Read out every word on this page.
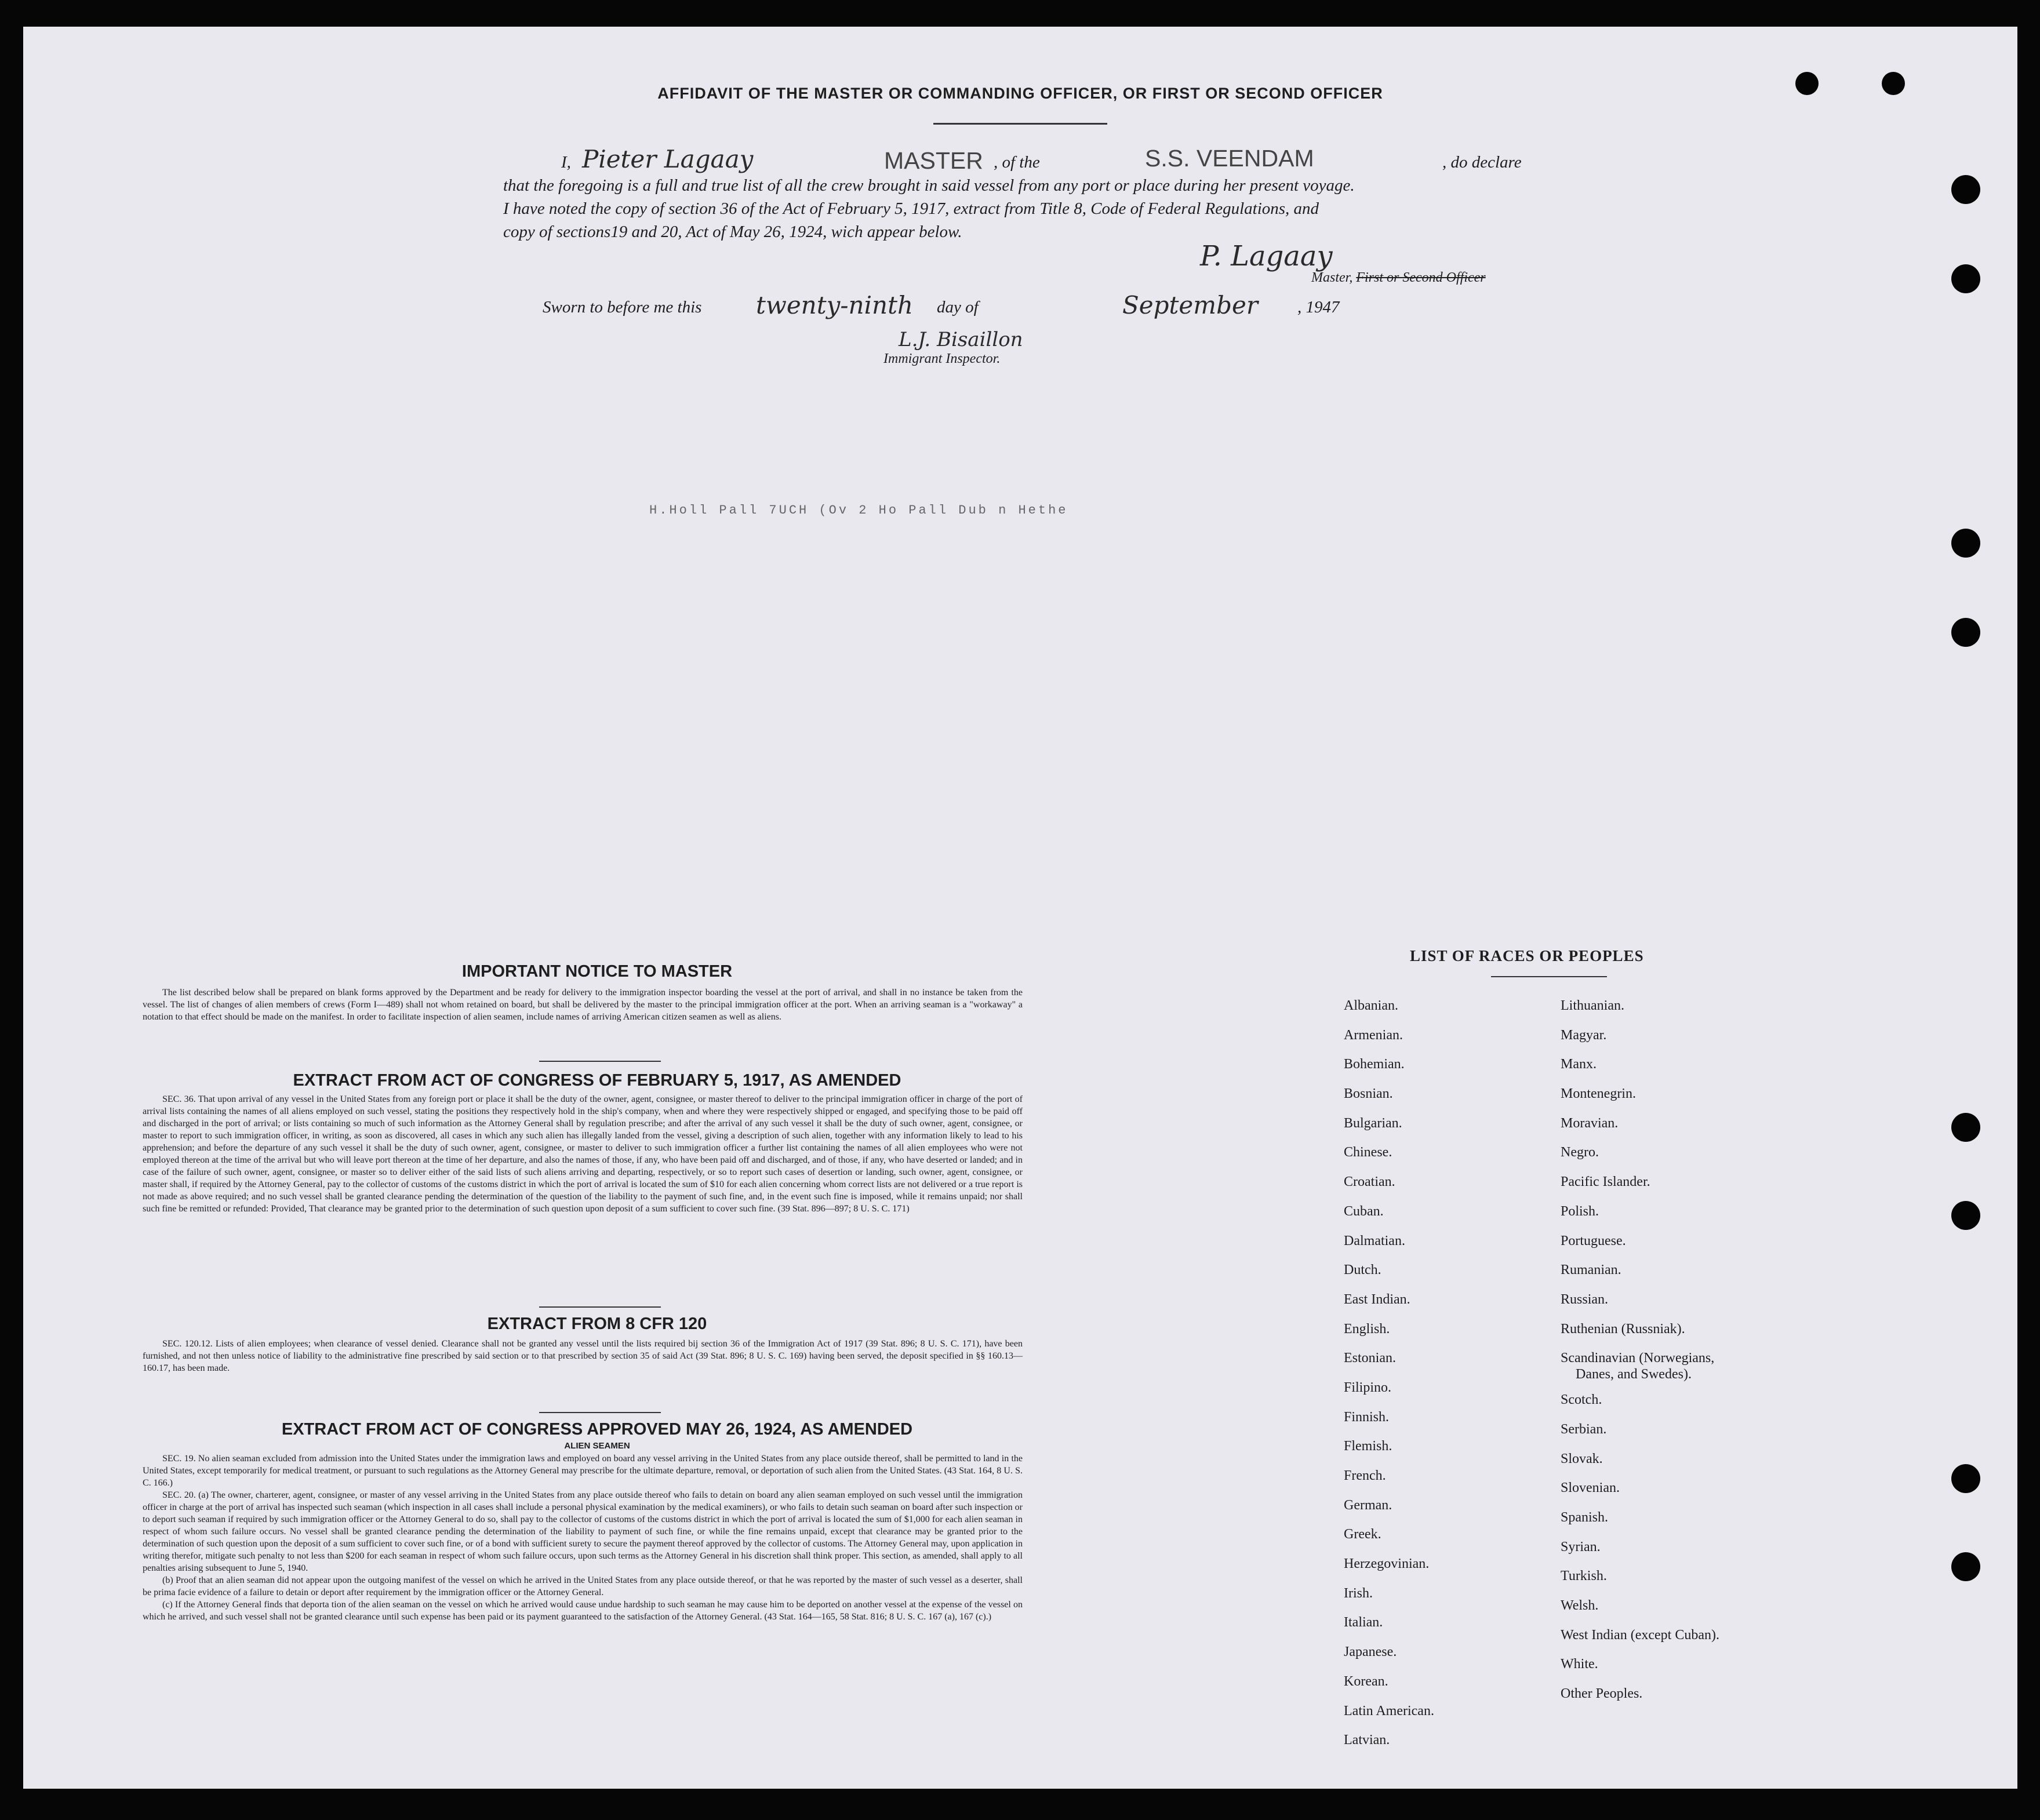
AFFIDAVIT OF THE MASTER OR COMMANDING OFFICER, OR FIRST OR SECOND OFFICER
I, Pieter Lagaay	MASTER , of the	S.S. VEENDAM	, do declare
that the foregoing is a full and true list of all the crew brought in said vessel from any port or place during her present voyage.
I have noted the copy of section 36 of the Act of February 5, 1917, extract from Title 8, Code of Federal Regulations, and
copy of sections19 and 20, Act of May 26, 1924, wich appear below.
P. Lagaay
Master, First or Second Officer
Sworn to before me this twenty-ninth day of	September , 1947
L.J. Bisaillon
Immigrant Inspector.
H.Holl Pall 7UCH (Ov 2 Ho Pall Dub n Hethe
IMPORTANT NOTICE TO MASTER

The list described below shall be prepared on blank forms approved by the Department and be ready for delivery to the immigration inspector boarding the vessel at the port of arrival, and shall in no instance be taken from the vessel. The list of changes of alien members of crews (Form I—489) shall not whom retained on board, but shall be delivered by the master to the principal immigration officer at the port. When an arriving seaman is a "workaway" a notation to that effect should be made on the manifest. In order to facilitate inspection of alien seamen, include names of arriving American citizen seamen as well as aliens.

EXTRACT FROM ACT OF CONGRESS OF FEBRUARY 5, 1917, AS AMENDED

SEC. 36. That upon arrival of any vessel in the United States from any foreign port or place it shall be the duty of the owner, agent, consignee, or master thereof to deliver to the principal immigration officer in charge of the port of arrival lists containing the names of all aliens employed on such vessel, stating the positions they respectively hold in the ship's company, when and where they were respectively shipped or engaged, and specifying those to be paid off and discharged in the port of arrival; or lists containing so much of such information as the Attorney General shall by regulation prescribe; and after the arrival of any such vessel it shall be the duty of such owner, agent, consignee, or master to report to such immigration officer, in writing, as soon as discovered, all cases in which any such alien has illegally landed from the vessel, giving a description of such alien, together with any information likely to lead to his apprehension; and before the departure of any such vessel it shall be the duty of such owner, agent, consignee, or master to deliver to such immigration officer a further list containing the names of all alien employees who were not employed thereon at the time of the arrival but who will leave port thereon at the time of her departure, and also the names of those, if any, who have been paid off and discharged, and of those, if any, who have deserted or landed; and in case of the failure of such owner, agent, consignee, or master so to deliver either of the said lists of such aliens arriving and departing, respectively, or so to report such cases of desertion or landing, such owner, agent, consignee, or master shall, if required by the Attorney General, pay to the collector of customs of the customs district in which the port of arrival is located the sum of $10 for each alien concerning whom correct lists are not delivered or a true report is not made as above required; and no such vessel shall be granted clearance pending the determination of the question of the liability to the payment of such fine, and, in the event such fine is imposed, while it remains unpaid; nor shall such fine be remitted or refunded: Provided, That clearance may be granted prior to the determination of such question upon deposit of a sum sufficient to cover such fine. (39 Stat. 896—897; 8 U. S. C. 171)

EXTRACT FROM 8 CFR 120

SEC. 120.12. Lists of alien employees; when clearance of vessel denied. Clearance shall not be granted any vessel until the lists required bij section 36 of the Immigration Act of 1917 (39 Stat. 896; 8 U. S. C. 171), have been furnished, and not then unless notice of liability to the administrative fine prescribed by said section or to that prescribed by section 35 of said Act (39 Stat. 896; 8 U. S. C. 169) having been served, the deposit specified in §§ 160.13—160.17, has been made.

EXTRACT FROM ACT OF CONGRESS APPROVED MAY 26, 1924, AS AMENDED
ALIEN SEAMEN

SEC. 19. No alien seaman excluded from admission into the United States under the immigration laws and employed on board any vessel arriving in the United States from any place outside thereof, shall be permitted to land in the United States, except temporarily for medical treatment, or pursuant to such regulations as the Attorney General may prescribe for the ultimate departure, removal, or deportation of such alien from the United States. (43 Stat. 164, 8 U. S. C. 166.)

SEC. 20. (a) The owner, charterer, agent, consignee, or master of any vessel arriving in the United States from any place outside thereof who fails to detain on board any alien seaman employed on such vessel until the immigration officer in charge at the port of arrival has inspected such seaman (which inspection in all cases shall include a personal physical examination by the medical examiners), or who fails to detain such seaman on board after such inspection or to deport such seaman if required by such immigration officer or the Attorney General to do so, shall pay to the collector of customs of the customs district in which the port of arrival is located the sum of $1,000 for each alien seaman in respect of whom such failure occurs. No vessel shall be granted clearance pending the determination of the liability to payment of such fine, or while the fine remains unpaid, except that clearance may be granted prior to the determination of such question upon the deposit of a sum sufficient to cover such fine, or of a bond with sufficient surety to secure the payment thereof approved by the collector of customs. The Attorney General may, upon application in writing therefor, mitigate such penalty to not less than $200 for each seaman in respect of whom such failure occurs, upon such terms as the Attorney General in his discretion shall think proper. This section, as amended, shall apply to all penalties arising subsequent to June 5, 1940.

(b) Proof that an alien seaman did not appear upon the outgoing manifest of the vessel on which he arrived in the United States from any place outside thereof, or that he was reported by the master of such vessel as a deserter, shall be prima facie evidence of a failure to detain or deport after requirement by the immigration officer or the Attorney General.

(c) If the Attorney General finds that deporta tion of the alien seaman on the vessel on which he arrived would cause undue hardship to such seaman he may cause him to be deported on another vessel at the expense of the vessel on which he arrived, and such vessel shall not be granted clearance until such expense has been paid or its payment guaranteed to the satisfaction of the Attorney General. (43 Stat. 164—165, 58 Stat. 816; 8 U. S. C. 167 (a), 167 (c).)

LIST OF RACES OR PEOPLES
Albanian.
Armenian.
Bohemian.
Bosnian.
Bulgarian.
Chinese.
Croatian.
Cuban.
Dalmatian.
Dutch.
East Indian.
English.
Estonian.
Filipino.
Finnish.
Flemish.
French.
German.
Greek.
Herzegovinian.
Irish.
Italian.
Japanese.
Korean.
Latin American.
Latvian.
Lithuanian.
Magyar.
Manx.
Montenegrin.
Moravian.
Negro.
Pacific Islander.
Polish.
Portuguese.
Rumanian.
Russian.
Ruthenian (Russniak).
Scandinavian (Norwegians,
Danes, and Swedes).
Scotch.
Serbian.
Slovak.
Slovenian.
Spanish.
Syrian.
Turkish.
Welsh.
West Indian (except Cuban).
White.
Other Peoples.
